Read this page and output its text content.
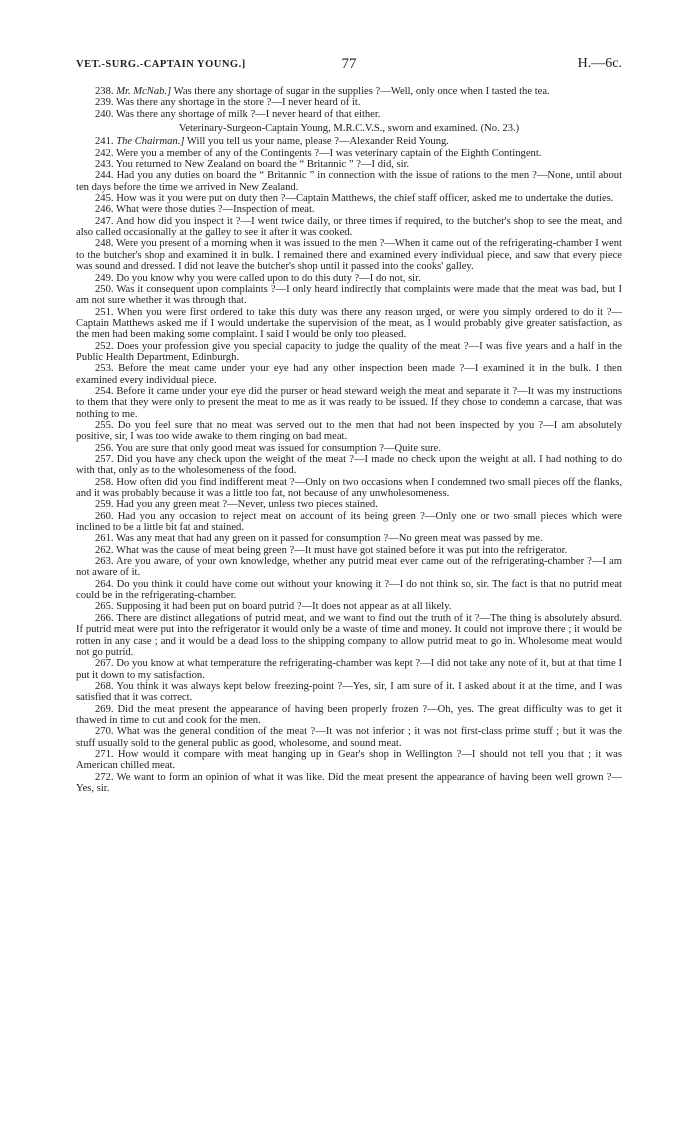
VET.-SURG.-CAPTAIN YOUNG.]	77	H.—6c.

238. Mr. McNab.] Was there any shortage of sugar in the supplies ?—Well, only once when I tasted the tea.

239. Was there any shortage in the store ?—I never heard of it.

240. Was there any shortage of milk ?—I never heard of that either.

Veterinary-Surgeon-Captain Young, M.R.C.V.S., sworn and examined. (No. 23.)

241. The Chairman.] Will you tell us your name, please ?—Alexander Reid Young.

242. Were you a member of any of the Contingents ?—I was veterinary captain of the Eighth Contingent.

243. You returned to New Zealand on board the “ Britannic ” ?—I did, sir.

244. Had you any duties on board the “ Britannic ” in connection with the issue of rations to the men ?—None, until about ten days before the time we arrived in New Zealand.

245. How was it you were put on duty then ?—Captain Matthews, the chief staff officer, asked me to undertake the duties.

246. What were those duties ?—Inspection of meat.

247. And how did you inspect it ?—I went twice daily, or three times if required, to the butcher's shop to see the meat, and also called occasionally at the galley to see it after it was cooked.

248. Were you present of a morning when it was issued to the men ?—When it came out of the refrigerating-chamber I went to the butcher's shop and examined it in bulk. I remained there and examined every individual piece, and saw that every piece was sound and dressed. I did not leave the butcher's shop until it passed into the cooks' galley.

249. Do you know why you were called upon to do this duty ?—I do not, sir.

250. Was it consequent upon complaints ?—I only heard indirectly that complaints were made that the meat was bad, but I am not sure whether it was through that.

251. When you were first ordered to take this duty was there any reason urged, or were you simply ordered to do it ?—Captain Matthews asked me if I would undertake the supervision of the meat, as I would probably give greater satisfaction, as the men had been making some complaint. I said I would be only too pleased.

252. Does your profession give you special capacity to judge the quality of the meat ?—I was five years and a half in the Public Health Department, Edinburgh.

253. Before the meat came under your eye had any other inspection been made ?—I examined it in the bulk. I then examined every individual piece.

254. Before it came under your eye did the purser or head steward weigh the meat and separate it ?—It was my instructions to them that they were only to present the meat to me as it was ready to be issued. If they chose to condemn a carcase, that was nothing to me.

255. Do you feel sure that no meat was served out to the men that had not been inspected by you ?—I am absolutely positive, sir, I was too wide awake to them ringing on bad meat.

256. You are sure that only good meat was issued for consumption ?—Quite sure.

257. Did you have any check upon the weight of the meat ?—I made no check upon the weight at all. I had nothing to do with that, only as to the wholesomeness of the food.

258. How often did you find indifferent meat ?—Only on two occasions when I condemned two small pieces off the flanks, and it was probably because it was a little too fat, not because of any unwholesomeness.

259. Had you any green meat ?—Never, unless two pieces stained.

260. Had you any occasion to reject meat on account of its being green ?—Only one or two small pieces which were inclined to be a little bit fat and stained.

261. Was any meat that had any green on it passed for consumption ?—No green meat was passed by me.

262. What was the cause of meat being green ?—It must have got stained before it was put into the refrigerator.

263. Are you aware, of your own knowledge, whether any putrid meat ever came out of the refrigerating-chamber ?—I am not aware of it.

264. Do you think it could have come out without your knowing it ?—I do not think so, sir. The fact is that no putrid meat could be in the refrigerating-chamber.

265. Supposing it had been put on board putrid ?—It does not appear as at all likely.

266. There are distinct allegations of putrid meat, and we want to find out the truth of it ?—The thing is absolutely absurd. If putrid meat were put into the refrigerator it would only be a waste of time and money. It could not improve there ; it would be rotten in any case ; and it would be a dead loss to the shipping company to allow putrid meat to go in. Wholesome meat would not go putrid.

267. Do you know at what temperature the refrigerating-chamber was kept ?—I did not take any note of it, but at that time I put it down to my satisfaction.

268. You think it was always kept below freezing-point ?—Yes, sir, I am sure of it. I asked about it at the time, and I was satisfied that it was correct.

269. Did the meat present the appearance of having been properly frozen ?—Oh, yes. The great difficulty was to get it thawed in time to cut and cook for the men.

270. What was the general condition of the meat ?—It was not inferior ; it was not first-class prime stuff ; but it was the stuff usually sold to the general public as good, wholesome, and sound meat.

271. How would it compare with meat hanging up in Gear's shop in Wellington ?—I should not tell you that ; it was American chilled meat.

272. We want to form an opinion of what it was like. Did the meat present the appearance of having been well grown ?—Yes, sir.
